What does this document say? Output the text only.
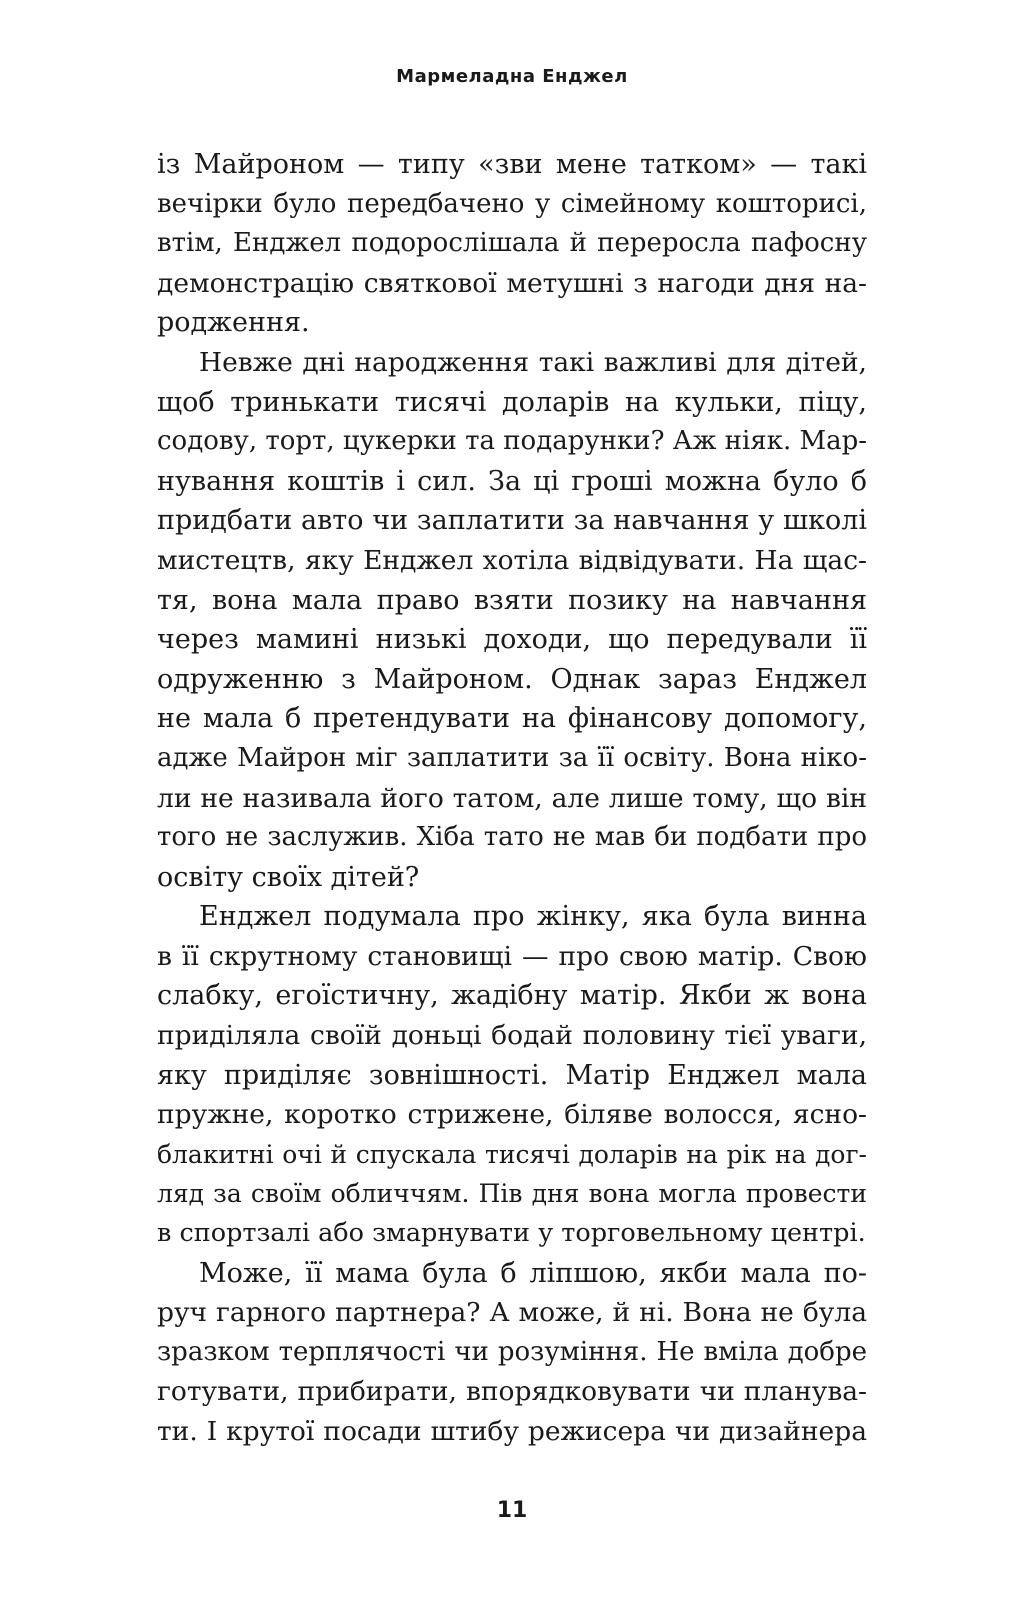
Мармеладна Енджел
із Майроном — типу «зви мене татком» — такі
вечірки було передбачено у сімейному кошторисі,
втім, Енджел подорослішала й переросла пафосну
демонстрацію святкової метушні з нагоди дня на-
родження.
Невже дні народження такі важливі для дітей,
щоб тринькати тисячі доларів на кульки, піцу,
содову, торт, цукерки та подарунки? Аж ніяк. Мар-
нування коштів і сил. За ці гроші можна було б
придбати авто чи заплатити за навчання у школі
мистецтв, яку Енджел хотіла відвідувати. На щас-
тя, вона мала право взяти позику на навчання
через мамині низькі доходи, що передували її
одруженню з Майроном. Однак зараз Енджел
не мала б претендувати на фінансову допомогу,
адже Майрон міг заплатити за її освіту. Вона ніко-
ли не називала його татом, але лише тому, що він
того не заслужив. Хіба тато не мав би подбати про
освіту своїх дітей?
Енджел подумала про жінку, яка була винна
в її скрутному становищі — про свою матір. Свою
слабку, егоїстичну, жадібну матір. Якби ж вона
приділяла своїй доньці бодай половину тієї уваги,
яку приділяє зовнішності. Матір Енджел мала
пружне, коротко стрижене, біляве волосся, ясно-
блакитні очі й спускала тисячі доларів на рік на дог-
ляд за своїм обличчям. Пів дня вона могла провести
в спортзалі або змарнувати у торговельному центрі.
Може, її мама була б ліпшою, якби мала по-
руч гарного партнера? А може, й ні. Вона не була
зразком терплячості чи розуміння. Не вміла добре
готувати, прибирати, впорядковувати чи планува-
ти. І крутої посади штибу режисера чи дизайнера
11
